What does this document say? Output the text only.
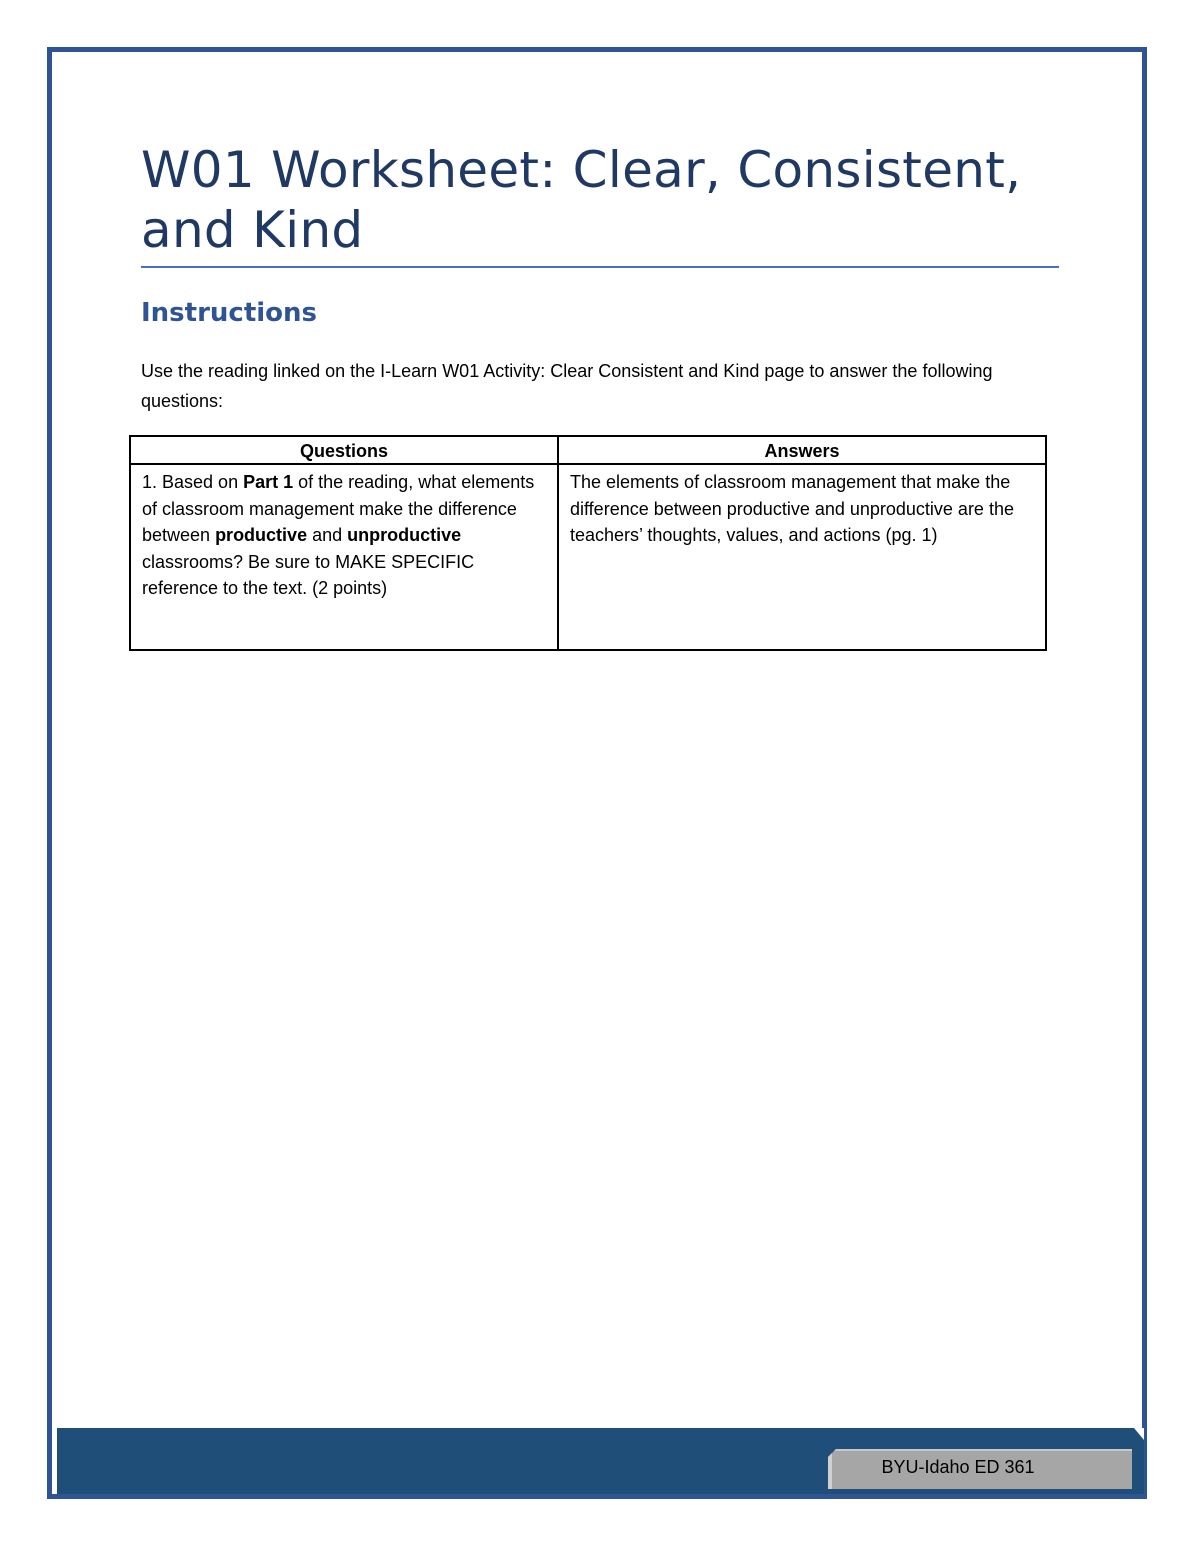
W01 Worksheet: Clear, Consistent, and Kind
Instructions

Use the reading linked on the I-Learn W01 Activity: Clear Consistent and Kind page to answer the following questions:

Questions	Answers
1. Based on Part 1 of the reading, what elements of classroom management make the difference between productive and unproductive classrooms? Be sure to MAKE SPECIFIC reference to the text. (2 points)	The elements of classroom management that make the difference between productive and unproductive are the teachers’ thoughts, values, and actions (pg. 1)
BYU-Idaho ED 361
